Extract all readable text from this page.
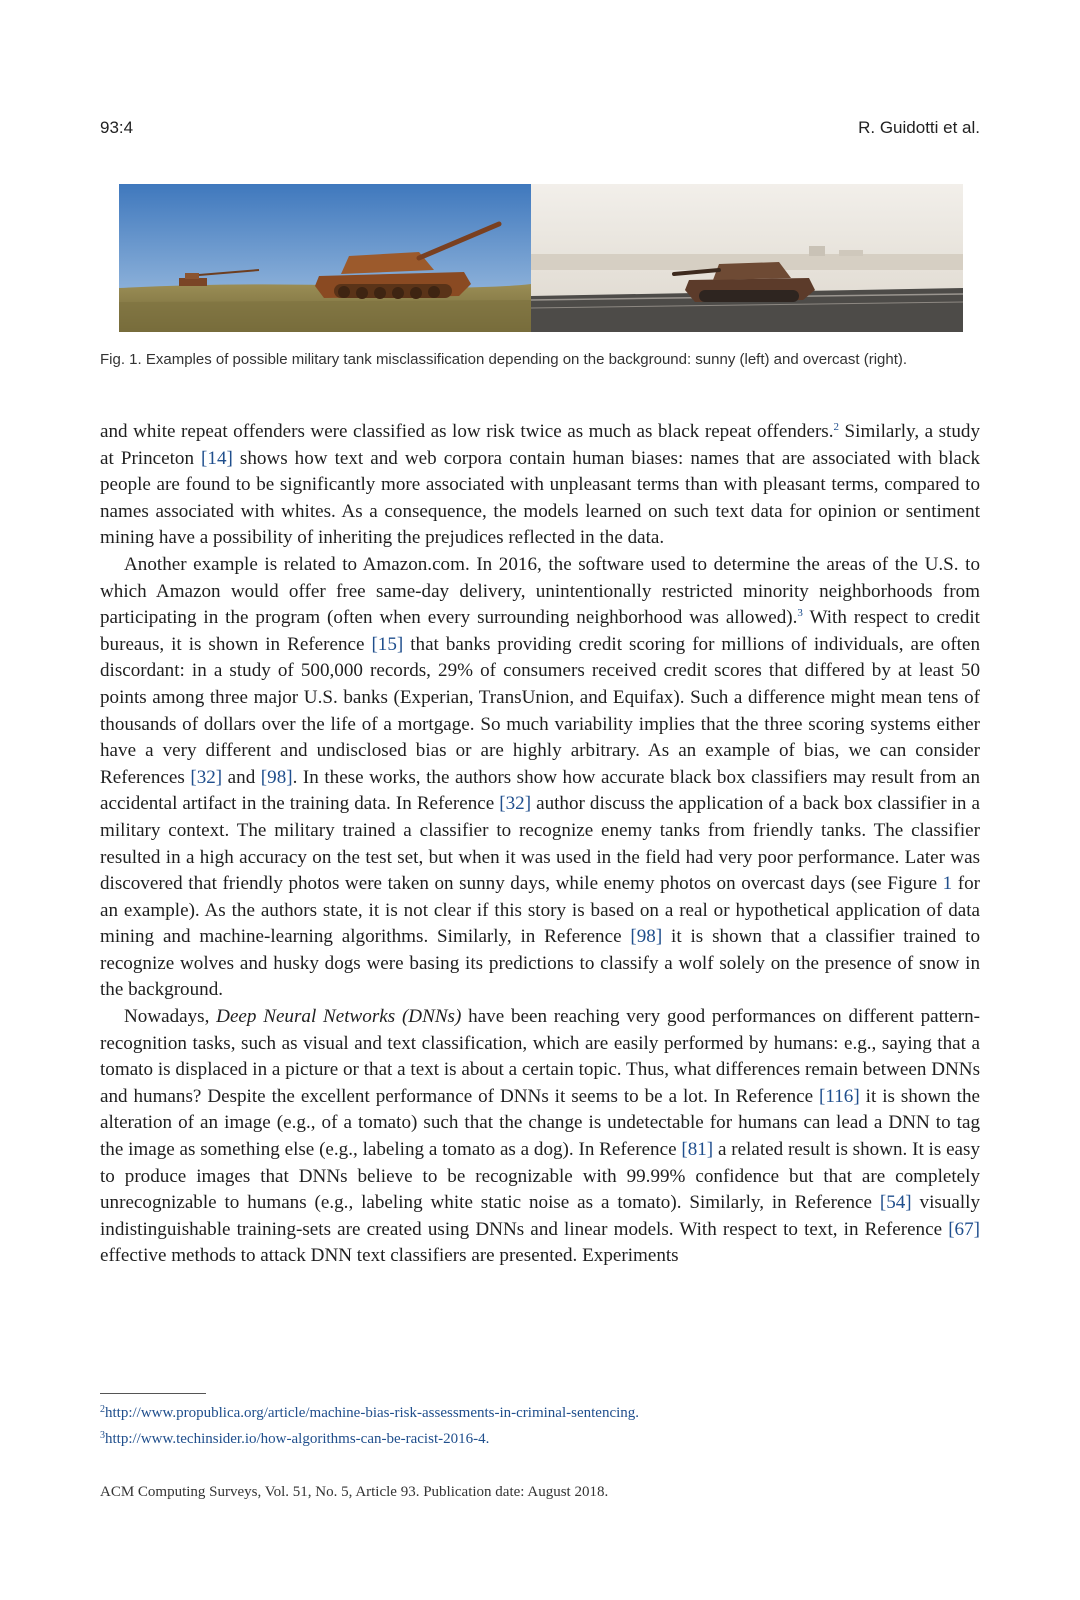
93:4	R. Guidotti et al.
Fig. 1. Examples of possible military tank misclassification depending on the background: sunny (left) and overcast (right).

and white repeat offenders were classified as low risk twice as much as black repeat offenders.$^2$ Similarly, a study at Princeton [14] shows how text and web corpora contain human biases: names that are associated with black people are found to be significantly more associated with unpleasant terms than with pleasant terms, compared to names associated with whites. As a consequence, the models learned on such text data for opinion or sentiment mining have a possibility of inheriting the prejudices reflected in the data.

Another example is related to Amazon.com. In 2016, the software used to determine the areas of the U.S. to which Amazon would offer free same-day delivery, unintentionally restricted minority neighborhoods from participating in the program (often when every surrounding neighborhood was allowed).$^3$ With respect to credit bureaus, it is shown in Reference [15] that banks providing credit scoring for millions of individuals, are often discordant: in a study of 500,000 records, 29% of consumers received credit scores that differed by at least 50 points among three major U.S. banks (Experian, TransUnion, and Equifax). Such a difference might mean tens of thousands of dollars over the life of a mortgage. So much variability implies that the three scoring systems either have a very different and undisclosed bias or are highly arbitrary. As an example of bias, we can consider References [32] and [98]. In these works, the authors show how accurate black box classifiers may result from an accidental artifact in the training data. In Reference [32] author discuss the application of a back box classifier in a military context. The military trained a classifier to recognize enemy tanks from friendly tanks. The classifier resulted in a high accuracy on the test set, but when it was used in the field had very poor performance. Later was discovered that friendly photos were taken on sunny days, while enemy photos on overcast days (see Figure 1 for an example). As the authors state, it is not clear if this story is based on a real or hypothetical application of data mining and machine-learning algorithms. Similarly, in Reference [98] it is shown that a classifier trained to recognize wolves and husky dogs were basing its predictions to classify a wolf solely on the presence of snow in the background.

Nowadays, Deep Neural Networks (DNNs) have been reaching very good performances on different pattern-recognition tasks, such as visual and text classification, which are easily performed by humans: e.g., saying that a tomato is displaced in a picture or that a text is about a certain topic. Thus, what differences remain between DNNs and humans? Despite the excellent performance of DNNs it seems to be a lot. In Reference [116] it is shown the alteration of an image (e.g., of a tomato) such that the change is undetectable for humans can lead a DNN to tag the image as something else (e.g., labeling a tomato as a dog). In Reference [81] a related result is shown. It is easy to produce images that DNNs believe to be recognizable with 99.99% confidence but that are completely unrecognizable to humans (e.g., labeling white static noise as a tomato). Similarly, in Reference [54] visually indistinguishable training-sets are created using DNNs and linear models. With respect to text, in Reference [67] effective methods to attack DNN text classifiers are presented. Experiments

$^2$http://www.propublica.org/article/machine-bias-risk-assessments-in-criminal-sentencing.
$^3$http://www.techinsider.io/how-algorithms-can-be-racist-2016-4.
ACM Computing Surveys, Vol. 51, No. 5, Article 93. Publication date: August 2018.
